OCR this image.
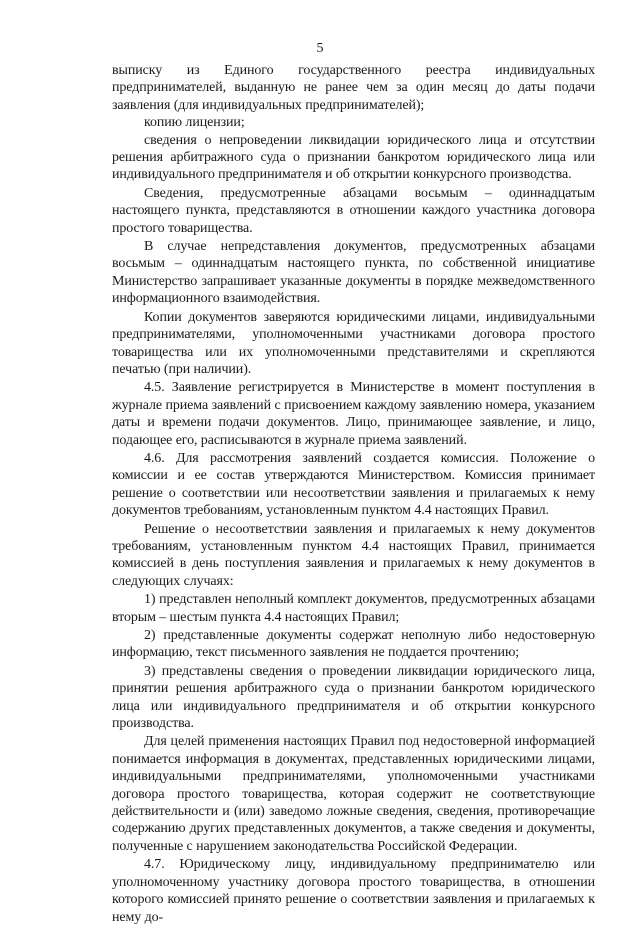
5

выписку из Единого государственного реестра индивидуальных предпринимателей, выданную не ранее чем за один месяц до даты подачи заявления (для индивидуальных предпринимателей);

копию лицензии;

сведения о непроведении ликвидации юридического лица и отсутствии решения арбитражного суда о признании банкротом юридического лица или индивидуального предпринимателя и об открытии конкурсного производства.

Сведения, предусмотренные абзацами восьмым – одиннадцатым настоящего пункта, представляются в отношении каждого участника договора простого товарищества.

В случае непредставления документов, предусмотренных абзацами восьмым – одиннадцатым настоящего пункта, по собственной инициативе Министерство запрашивает указанные документы в порядке межведомственного информационного взаимодействия.

Копии документов заверяются юридическими лицами, индивидуальными предпринимателями, уполномоченными участниками договора простого товарищества или их уполномоченными представителями и скрепляются печатью (при наличии).

4.5. Заявление регистрируется в Министерстве в момент поступления в журнале приема заявлений с присвоением каждому заявлению номера, указанием даты и времени подачи документов. Лицо, принимающее заявление, и лицо, подающее его, расписываются в журнале приема заявлений.

4.6. Для рассмотрения заявлений создается комиссия. Положение о комиссии и ее состав утверждаются Министерством. Комиссия принимает решение о соответствии или несоответствии заявления и прилагаемых к нему документов требованиям, установленным пунктом 4.4 настоящих Правил.

Решение о несоответствии заявления и прилагаемых к нему документов требованиям, установленным пунктом 4.4 настоящих Правил, принимается комиссией в день поступления заявления и прилагаемых к нему документов в следующих случаях:

1) представлен неполный комплект документов, предусмотренных абзацами вторым – шестым пункта 4.4 настоящих Правил;

2) представленные документы содержат неполную либо недостоверную информацию, текст письменного заявления не поддается прочтению;

3) представлены сведения о проведении ликвидации юридического лица, принятии решения арбитражного суда о признании банкротом юридического лица или индивидуального предпринимателя и об открытии конкурсного производства.

Для целей применения настоящих Правил под недостоверной информацией понимается информация в документах, представленных юридическими лицами, индивидуальными предпринимателями, уполномоченными участниками договора простого товарищества, которая содержит не соответствующие действительности и (или) заведомо ложные сведения, сведения, противоречащие содержанию других представленных документов, а также сведения и документы, полученные с нарушением законодательства Российской Федерации.

4.7. Юридическому лицу, индивидуальному предпринимателю или уполномоченному участнику договора простого товарищества, в отношении которого комиссией принято решение о соответствии заявления и прилагаемых к нему до-
